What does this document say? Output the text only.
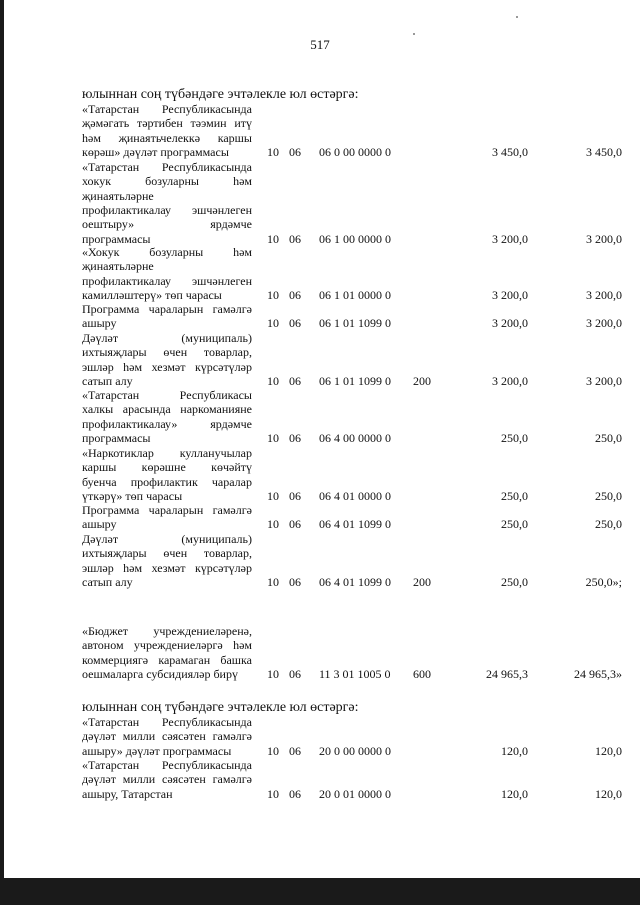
517
юлыннан соң түбәндәге эчтәлекле юл өстәргә:
«Татарстан Республикасында
җәмәгать тәртибен тәэмин итү
һәм җинаятьчелеккә каршы
көрәш» дәүләт программасы	10 06 06 0 00 0000 0	3 450,0	3 450,0
«Татарстан Республикасында
хокук бозуларны һәм
җинаятьләрне
профилактикалау эшчәнлеген
оештыру» ярдәмче
программасы	10 06 06 1 00 0000 0	3 200,0	3 200,0
«Хокук бозуларны һәм
җинаятьләрне
профилактикалау эшчәнлеген
камилләштерү» төп чарасы	10 06 06 1 01 0000 0	3 200,0	3 200,0
Программа чараларын гамәлгә
ашыру	10 06 06 1 01 1099 0	3 200,0	3 200,0
Дәүләт (муниципаль)
ихтыяҗлары өчен товарлар,
эшләр һәм хезмәт күрсәтүләр
сатып алу	10 06 06 1 01 1099 0 200	3 200,0	3 200,0
«Татарстан Республикасы
халкы арасында наркоманияне
профилактикалау» ярдәмче
программасы	10 06 06 4 00 0000 0	250,0	250,0
«Наркотиклар кулланучылар
каршы көрәшне көчәйтү
буенча профилактик чаралар
үткәрү» төп чарасы	10 06 06 4 01 0000 0	250,0	250,0
Программа чараларын гамәлгә
ашыру	10 06 06 4 01 1099 0	250,0	250,0
Дәүләт (муниципаль)
ихтыяҗлары өчен товарлар,
эшләр һәм хезмәт күрсәтүләр
сатып алу	10 06 06 4 01 1099 0 200	250,0	250,0»;
«Бюджет учреждениеләренә,
автоном учреждениеләргә һәм
коммерциягә карамаган башка
оешмаларга субсидияләр бирү	10 06 11 3 01 1005 0 600	24 965,3	24 965,3»
«Татарстан Республикасында
дәүләт милли сәясәтен гамәлгә
ашыру» дәүләт программасы	10 06 20 0 00 0000 0	120,0	120,0
«Татарстан Республикасында
дәүләт милли сәясәтен гамәлгә
ашыру, Татарстан	10 06 20 0 01 0000 0	120,0	120,0
юлыннан соң түбәндәге эчтәлекле юл өстәргә:
